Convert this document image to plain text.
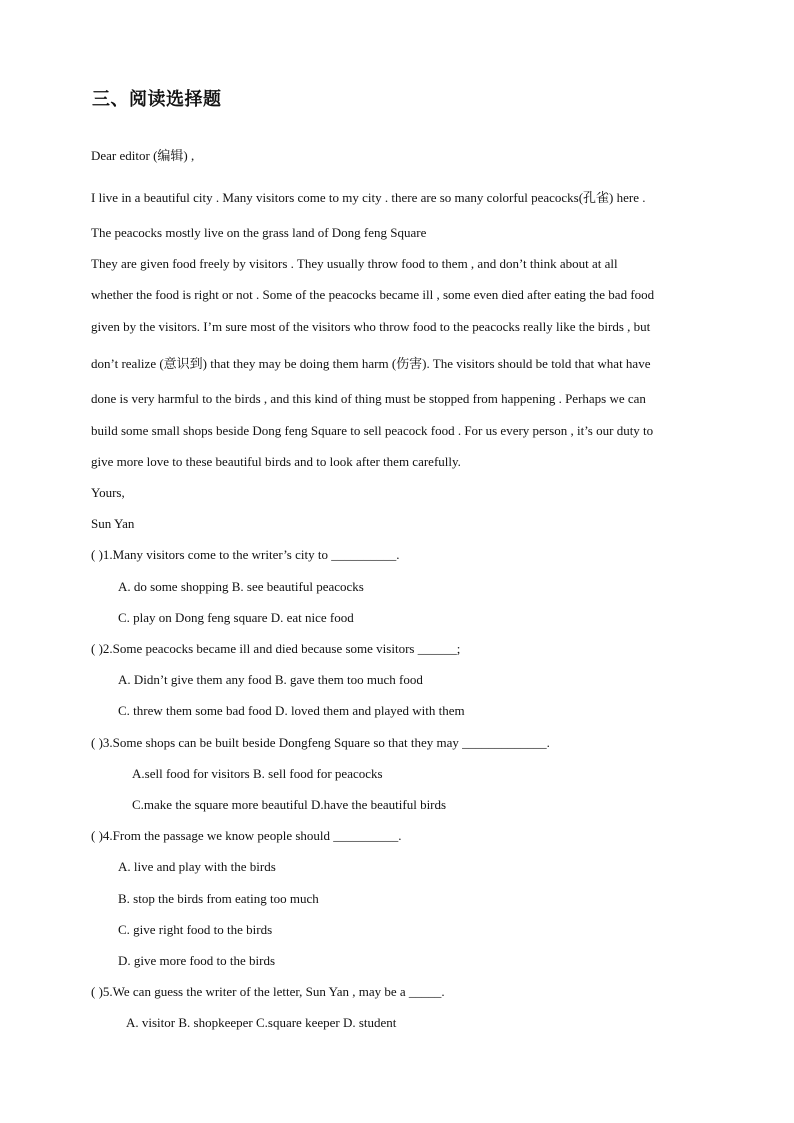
三、阅读选择题
Dear editor (编辑) ,
I live in a beautiful city . Many visitors come to my city . there are so many colorful peacocks(孔雀) here .
The peacocks mostly live on the grass land of Dong feng Square
They are given food freely by visitors . They usually throw food to them , and don’t think about at all
whether the food is right or not . Some of the peacocks became ill , some even died after eating the bad food
given by the visitors. I’m sure most of the visitors who throw food to the peacocks really like the birds , but
don’t realize (意识到) that they may be doing them harm (伤害). The visitors should be told that what have
done is very harmful to the birds , and this kind of thing must be stopped from happening . Perhaps we can
build some small shops beside Dong feng Square to sell peacock food . For us every person , it’s our duty to
give more love to these beautiful birds and to look after them carefully.
Yours,
Sun Yan
( )1.Many visitors come to the writer’s city to __________.
A. do some shopping B. see beautiful peacocks
C. play on Dong feng square D. eat nice food
( )2.Some peacocks became ill and died because some visitors ______;
A. Didn’t give them any food B. gave them too much food
C. threw them some bad food D. loved them and played with them
( )3.Some shops can be built beside Dongfeng Square so that they may _____________.
A.sell food for visitors B. sell food for peacocks
C.make the square more beautiful D.have the beautiful birds
( )4.From the passage we know people should __________.
A. live and play with the birds
B. stop the birds from eating too much
C. give right food to the birds
D. give more food to the birds
( )5.We can guess the writer of the letter, Sun Yan , may be a _____.
A. visitor B. shopkeeper C.square keeper D. student
